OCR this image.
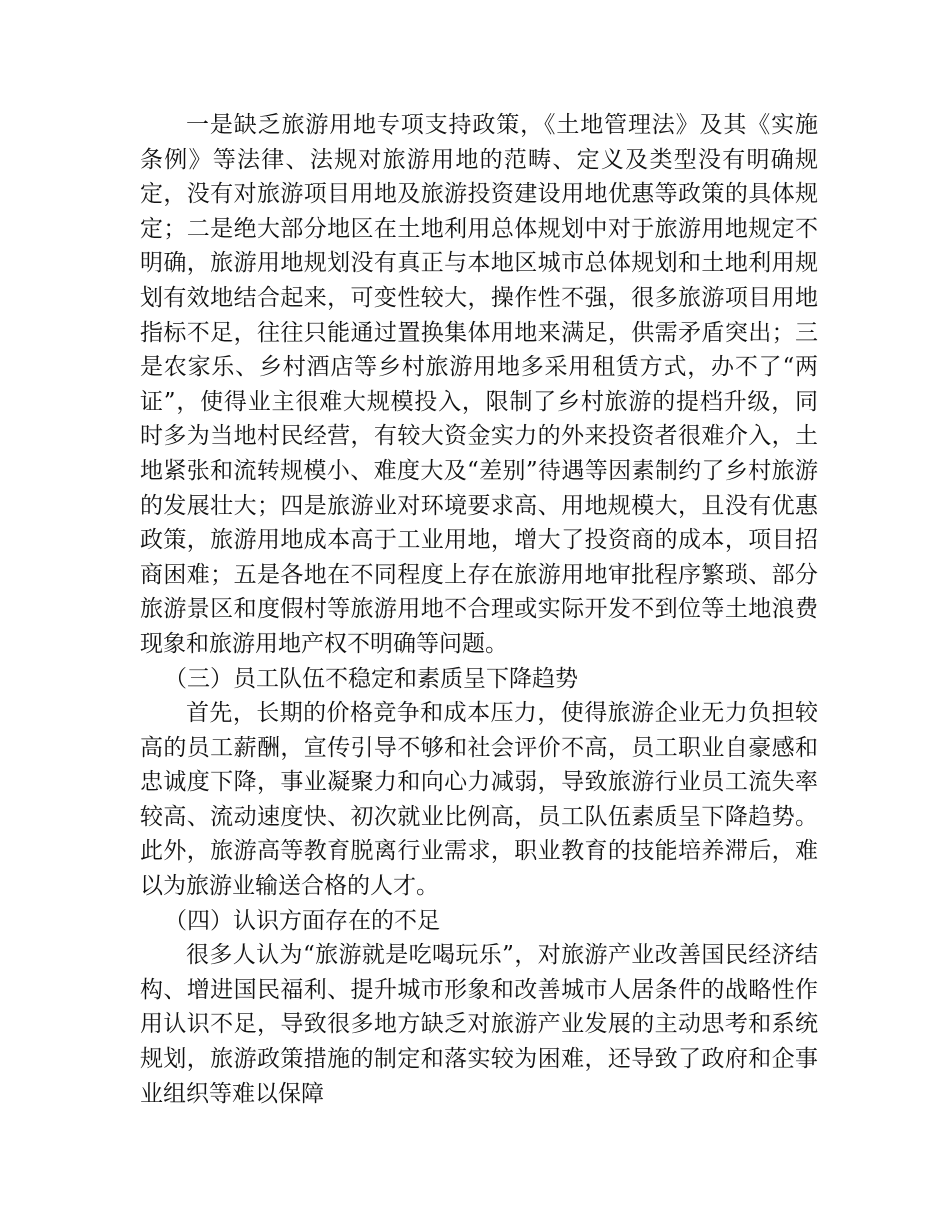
一是缺乏旅游用地专项支持政策，《土地管理法》及其《实施条例》等法律、法规对旅游用地的范畴、定义及类型没有明确规定，没有对旅游项目用地及旅游投资建设用地优惠等政策的具体规定；二是绝大部分地区在土地利用总体规划中对于旅游用地规定不明确，旅游用地规划没有真正与本地区城市总体规划和土地利用规划有效地结合起来，可变性较大，操作性不强，很多旅游项目用地指标不足，往往只能通过置换集体用地来满足，供需矛盾突出；三是农家乐、乡村酒店等乡村旅游用地多采用租赁方式，办不了“两证”，使得业主很难大规模投入，限制了乡村旅游的提档升级，同时多为当地村民经营，有较大资金实力的外来投资者很难介入，土地紧张和流转规模小、难度大及“差别”待遇等因素制约了乡村旅游的发展壮大；四是旅游业对环境要求高、用地规模大，且没有优惠政策，旅游用地成本高于工业用地，增大了投资商的成本，项目招商困难；五是各地在不同程度上存在旅游用地审批程序繁琐、部分旅游景区和度假村等旅游用地不合理或实际开发不到位等土地浪费现象和旅游用地产权不明确等问题。

（三）员工队伍不稳定和素质呈下降趋势

首先，长期的价格竞争和成本压力，使得旅游企业无力负担较高的员工薪酬，宣传引导不够和社会评价不高，员工职业自豪感和忠诚度下降，事业凝聚力和向心力减弱，导致旅游行业员工流失率较高、流动速度快、初次就业比例高，员工队伍素质呈下降趋势。此外，旅游高等教育脱离行业需求，职业教育的技能培养滞后，难以为旅游业输送合格的人才。

（四）认识方面存在的不足

很多人认为“旅游就是吃喝玩乐”，对旅游产业改善国民经济结构、增进国民福利、提升城市形象和改善城市人居条件的战略性作用认识不足，导致很多地方缺乏对旅游产业发展的主动思考和系统规划，旅游政策措施的制定和落实较为困难，还导致了政府和企事业组织等难以保障
